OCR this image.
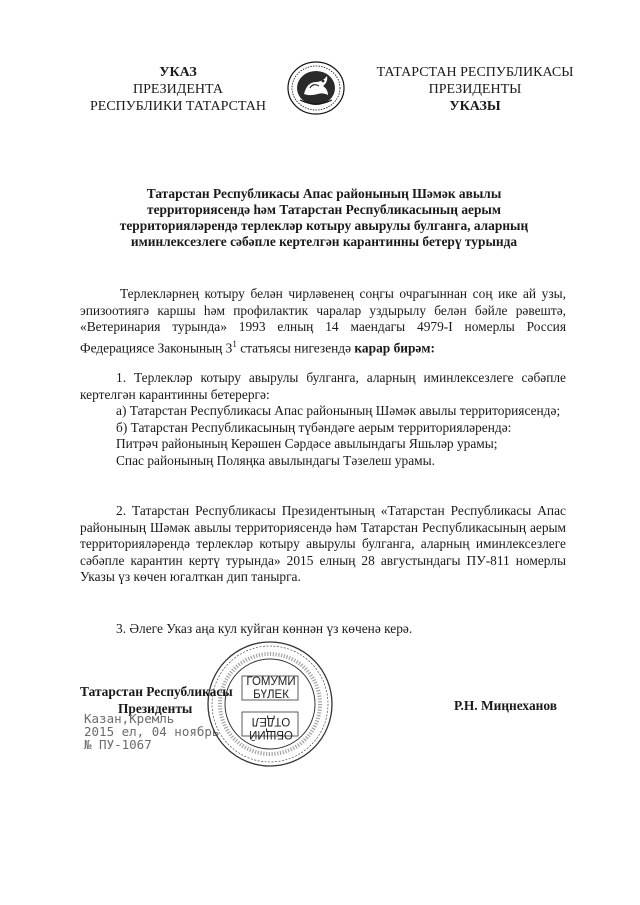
УКАЗ
ПРЕЗИДЕНТА
РЕСПУБЛИКИ ТАТАРСТАН
ТАТАРСТАН РЕСПУБЛИКАСЫ
ПРЕЗИДЕНТЫ
УКАЗЫ
Татарстан Республикасы Апас районының Шәмәк авылы
территориясендә һәм Татарстан Республикасының аерым
территорияләрендә терлекләр котыру авырулы булганга, аларның
иминлексезлеге сәбәпле кертелгән карантинны бетерү турында

Терлекләрнең котыру белән чирләвенең соңгы очрагыннан соң ике ай узы, эпизоотиягә каршы һәм профилактик чаралар уздырылу белән бәйле рәвештә, «Ветеринария турында» 1993 елның 14 маендагы 4979-I номерлы Россия Федерациясе Законының $3^1$ статьясы нигезендә карар бирәм:

1. Терлекләр котыру авырулы булганга, аларның иминлексезлеге сәбәпле кертелгән карантинны бетерергә:

а) Татарстан Республикасы Апас районының Шәмәк авылы территориясендә;

б) Татарстан Республикасының түбәндәге аерым территорияләрендә:

Питрәч районының Керәшен Сәрдәсе авылындагы Яшьләр урамы;

Спас районының Поляңка авылындагы Тәзелеш урамы.

2. Татарстан Республикасы Президентының «Татарстан Республикасы Апас районының Шәмәк авылы территориясендә һәм Татарстан Республикасының аерым территорияләрендә терлекләр котыру авырулы булганга, аларның иминлексезлеге сәбәпле карантин кертү турында» 2015 елның 28 августындагы ПУ-811 номерлы Указы үз көчен югалткан дип танырга.

3. Әлеге Указ аңа кул куйган көннән үз көченә керә.

Татарстан Республикасы
Президенты	Р.Н. Миңнеханов
Казан,Кремль
2015 ел, 04 ноябрь
№ ПУ-1067
ГОМУМИ
БҮЛЕК
ОБЩИЙ
ОТДЕЛ
